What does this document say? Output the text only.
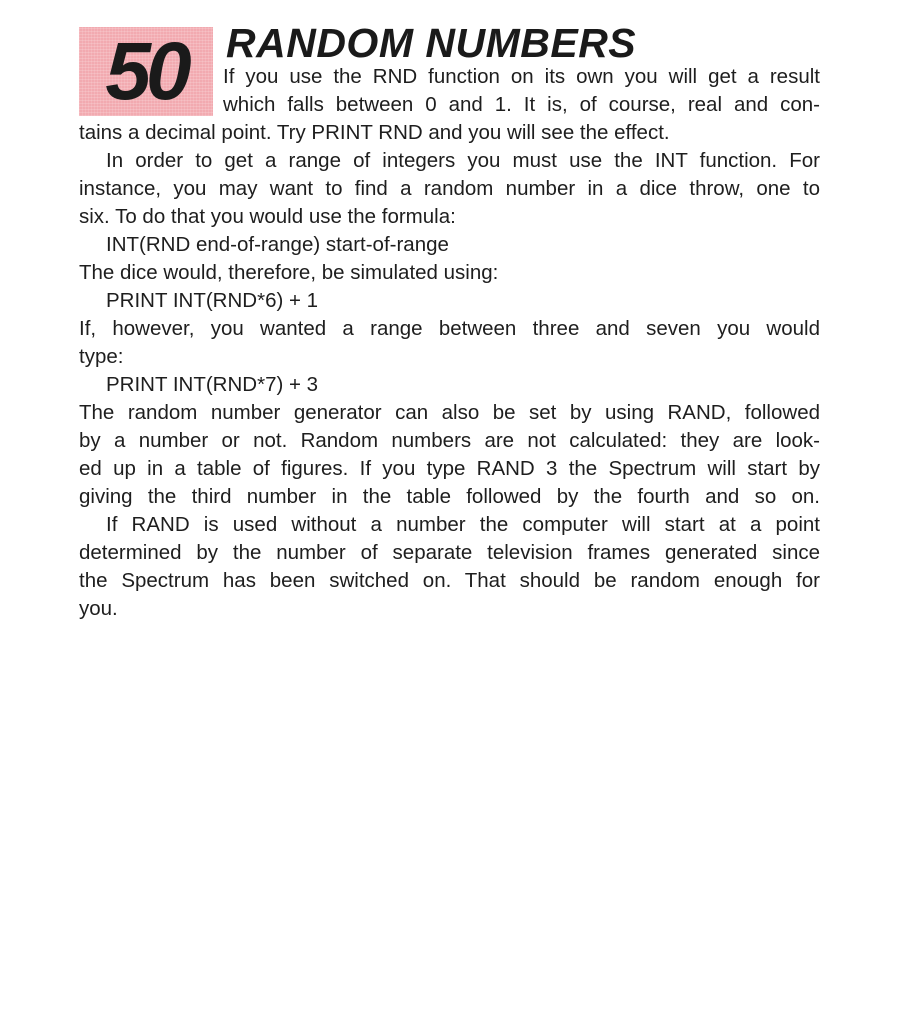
50 RANDOM NUMBERS

If you use the RND function on its own you will get a result

which falls between 0 and 1. It is, of course, real and con-

tains a decimal point. Try PRINT RND and you will see the effect.

In order to get a range of integers you must use the INT function. For

instance, you may want to find a random number in a dice throw, one to

six. To do that you would use the formula:

INT(RND end-of-range) start-of-range

The dice would, therefore, be simulated using:

PRINT INT(RND*6) + 1

If, however, you wanted a range between three and seven you would

type:

PRINT INT(RND*7) + 3

The random number generator can also be set by using RAND, followed

by a number or not. Random numbers are not calculated: they are look-

ed up in a table of figures. If you type RAND 3 the Spectrum will start by

giving the third number in the table followed by the fourth and so on.

If RAND is used without a number the computer will start at a point

determined by the number of separate television frames generated since

the Spectrum has been switched on. That should be random enough for

you.
